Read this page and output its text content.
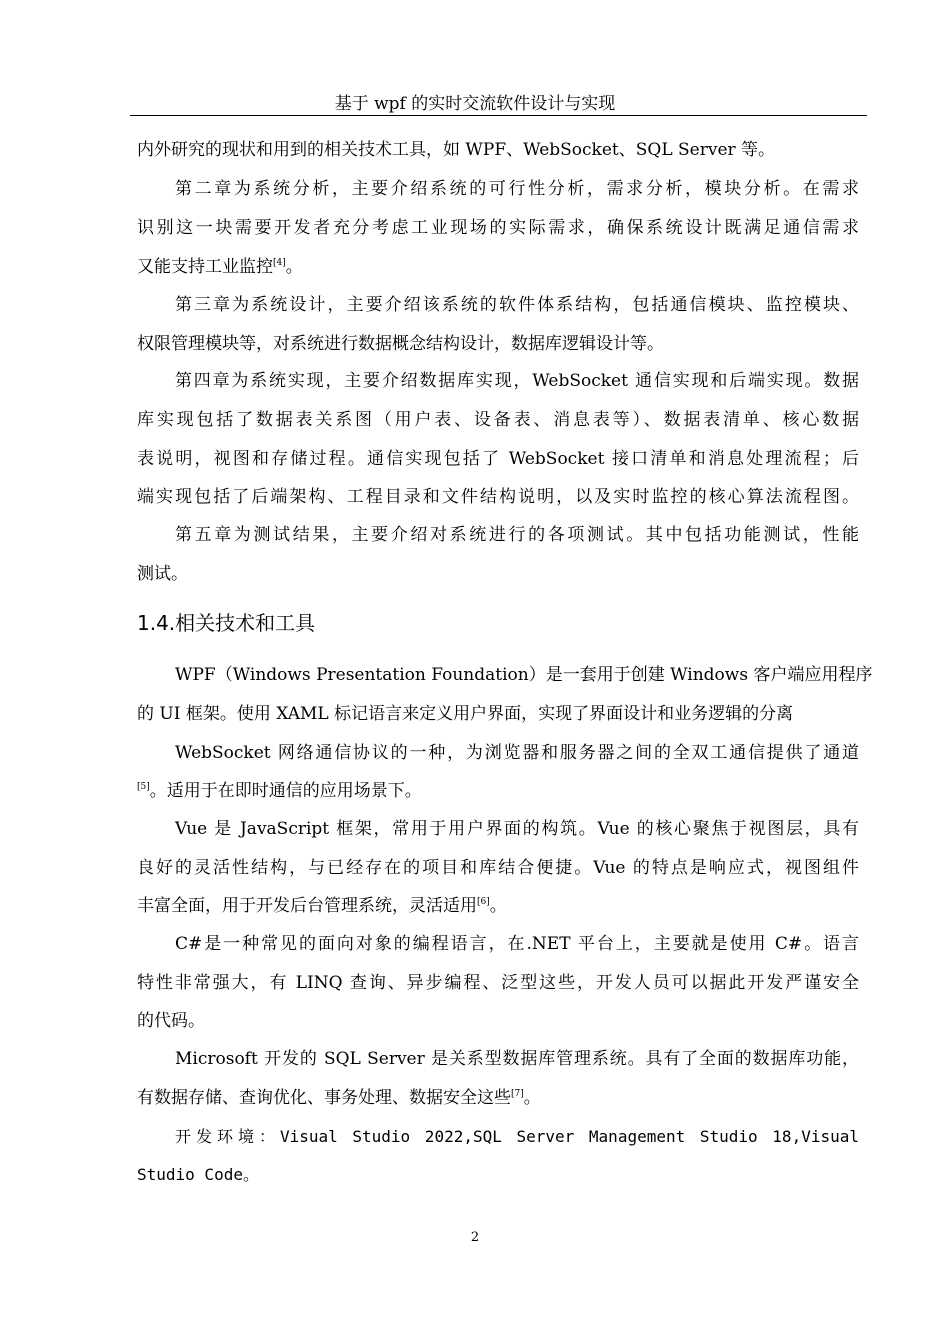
基于 wpf 的实时交流软件设计与实现
内外研究的现状和用到的相关技术工具，如 WPF、WebSocket、SQL Server 等。
第二章为系统分析，主要介绍系统的可行性分析，需求分析，模块分析。在需求
识别这一块需要开发者充分考虑工业现场的实际需求，确保系统设计既满足通信需求
又能支持工业监控[4]。
第三章为系统设计，主要介绍该系统的软件体系结构，包括通信模块、监控模块、
权限管理模块等，对系统进行数据概念结构设计，数据库逻辑设计等。
第四章为系统实现，主要介绍数据库实现，WebSocket 通信实现和后端实现。数据
库实现包括了数据表关系图（用户表、设备表、消息表等）、数据表清单、核心数据
表说明，视图和存储过程。通信实现包括了 WebSocket 接口清单和消息处理流程；后
端实现包括了后端架构、工程目录和文件结构说明，以及实时监控的核心算法流程图。
第五章为测试结果，主要介绍对系统进行的各项测试。其中包括功能测试，性能
测试。
1.4.相关技术和工具
WPF（Windows Presentation Foundation）是一套用于创建 Windows 客户端应用程序
的 UI 框架。使用 XAML 标记语言来定义用户界面，实现了界面设计和业务逻辑的分离
WebSocket 网络通信协议的一种，为浏览器和服务器之间的全双工通信提供了通道
[5]。适用于在即时通信的应用场景下。
Vue 是 JavaScript 框架，常用于用户界面的构筑。Vue 的核心聚焦于视图层，具有
良好的灵活性结构，与已经存在的项目和库结合便捷。Vue 的特点是响应式，视图组件
丰富全面，用于开发后台管理系统，灵活适用[6]。
C#是一种常见的面向对象的编程语言，在.NET 平台上，主要就是使用 C#。语言
特性非常强大，有 LINQ 查询、异步编程、泛型这些，开发人员可以据此开发严谨安全
的代码。
Microsoft 开发的 SQL Server 是关系型数据库管理系统。具有了全面的数据库功能，
有数据存储、查询优化、事务处理、数据安全这些[7]。
开发环境：Visual Studio 2022,SQL Server Management Studio 18,Visual
Studio Code。
2
